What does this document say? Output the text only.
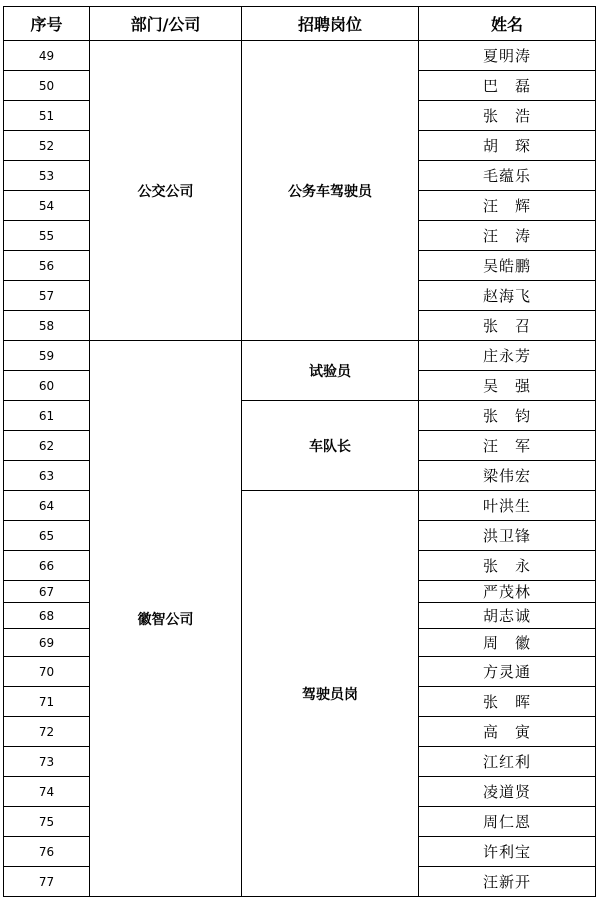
序号	部门/公司	招聘岗位	姓名
49	公交公司	公务车驾驶员	夏明涛
50			巴　磊
51			张　浩
52			胡　琛
53			毛蕴乐
54			汪　辉
55			汪　涛
56			吴皓鹏
57			赵海飞
58			张　召
59	徽智公司	试验员	庄永芳
60			吴　强
61		车队长	张　钧
62			汪　军
63			梁伟宏
64		驾驶员岗	叶洪生
65			洪卫锋
66			张　永
67			严茂林
68			胡志诚
69			周　徽
70			方灵通
71			张　晖
72			高　寅
73			江红利
74			凌道贤
75			周仁恩
76			许利宝
77			汪新开
